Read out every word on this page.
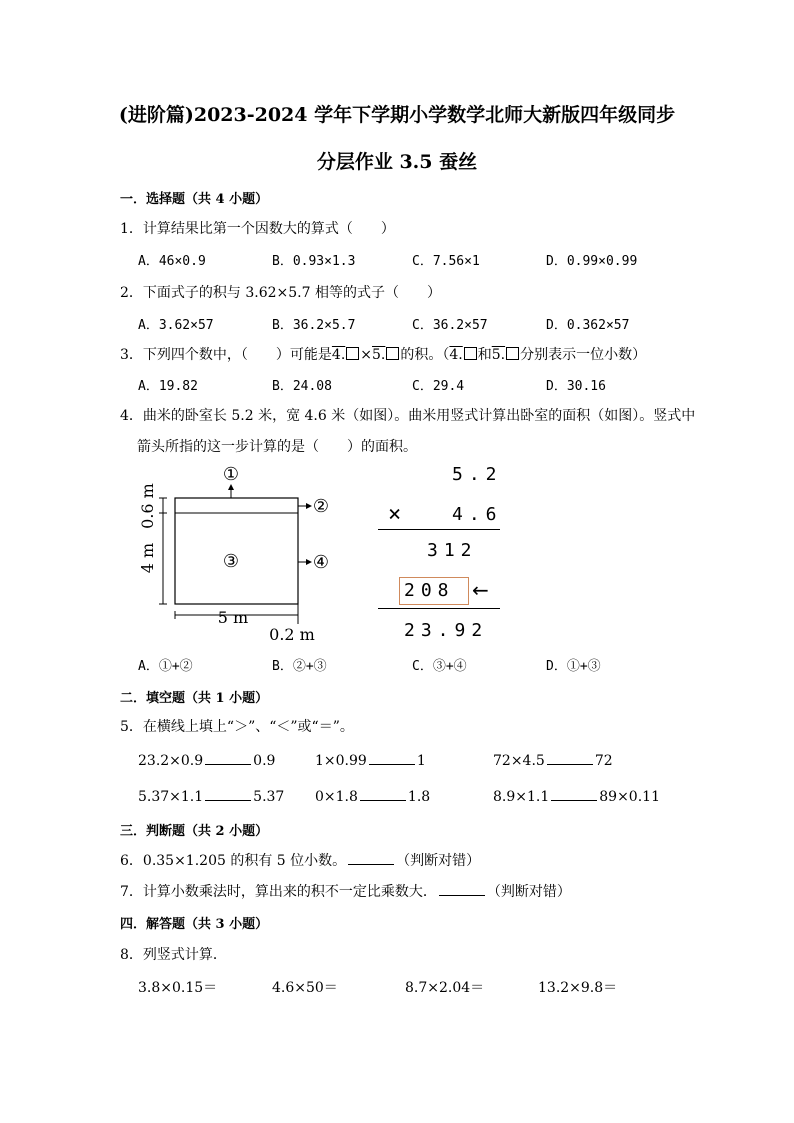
(进阶篇)2023-2024 学年下学期小学数学北师大新版四年级同步
分层作业 3.5 蚕丝
一．选择题（共 4 小题）
1．计算结果比第一个因数大的算式（　　）
A．46×0.9	B．0.93×1.3	C．7.56×1	D．0.99×0.99
2．下面式子的积与 3.62×5.7 相等的式子（　　）
A．3.62×57	B．36.2×5.7	C．36.2×57	D．0.362×57
3．下列四个数中，（　　）可能是4. ×5. 的积。（4. 和5. 分别表示一位小数）
A．19.82	B．24.08	C．29.4	D．30.16
4．曲米的卧室长 5.2 米，宽 4.6 米（如图）。曲米用竖式计算出卧室的面积（如图）。竖式中
箭头所指的这一步计算的是（　　）的面积。
①
②
③	④
0.6 m
4 m
5 m
0.2 m
5.2
× 4.6
312
208 ←
23.92
A．①+②	B．②+③	C．③+④	D．①+③
二．填空题（共 1 小题）
5．在横线上填上“＞”、“＜”或“＝”。
23.2×0.9	0.9	1×0.99	1	72×4.5	72
5.37×1.1	5.37 0×1.8	1.8	8.9×1.1	89×0.11
三．判断题（共 2 小题）
6．0.35×1.205 的积有 5 位小数。	（判断对错）
7．计算小数乘法时，算出来的积不一定比乘数大．	（判断对错）
四．解答题（共 3 小题）
8．列竖式计算．
3.8×0.15＝	4.6×50＝	8.7×2.04＝	13.2×9.8＝
